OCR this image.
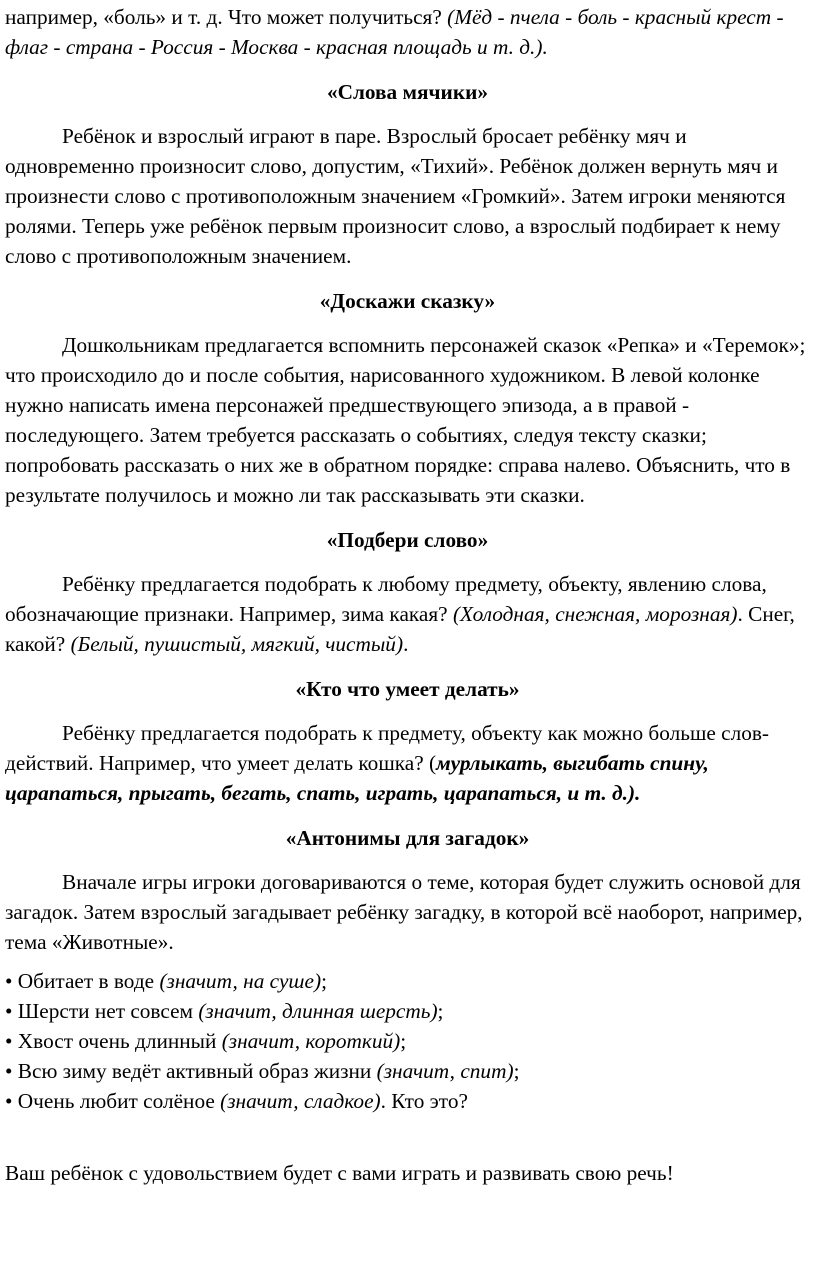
например, «боль» и т. д. Что может получиться? (Мёд - пчела - боль - красный крест - флаг - страна - Россия - Москва - красная площадь и т. д.).

«Слова мячики»

Ребёнок и взрослый играют в паре. Взрослый бросает ребёнку мяч и одновременно произносит слово, допустим, «Тихий». Ребёнок должен вернуть мяч и произнести слово с противоположным значением «Громкий». Затем игроки меняются ролями. Теперь уже ребёнок первым произносит слово, а взрослый подбирает к нему слово с противоположным значением.

«Доскажи сказку»

Дошкольникам предлагается вспомнить персонажей сказок «Репка» и «Теремок»; что происходило до и после события, нарисованного художником. В левой колонке нужно написать имена персонажей предшествующего эпизода, а в правой - последующего. Затем требуется рассказать о событиях, следуя тексту сказки; попробовать рассказать о них же в обратном порядке: справа налево. Объяснить, что в результате получилось и можно ли так рассказывать эти сказки.

«Подбери слово»

Ребёнку предлагается подобрать к любому предмету, объекту, явлению слова, обозначающие признаки. Например, зима какая? (Холодная, снежная, морозная). Снег, какой? (Белый, пушистый, мягкий, чистый).

«Кто что умеет делать»

Ребёнку предлагается подобрать к предмету, объекту как можно больше слов-действий. Например, что умеет делать кошка? (мурлыкать, выгибать спину, царапаться, прыгать, бегать, спать, играть, царапаться, и т. д.).

«Антонимы для загадок»

Вначале игры игроки договариваются о теме, которая будет служить основой для загадок. Затем взрослый загадывает ребёнку загадку, в которой всё наоборот, например, тема «Животные».

• Обитает в воде (значит, на суше);

• Шерсти нет совсем (значит, длинная шерсть);

• Хвост очень длинный (значит, короткий);

• Всю зиму ведёт активный образ жизни (значит, спит);

• Очень любит солёное (значит, сладкое). Кто это?

Ваш ребёнок с удовольствием будет с вами играть и развивать свою речь!
